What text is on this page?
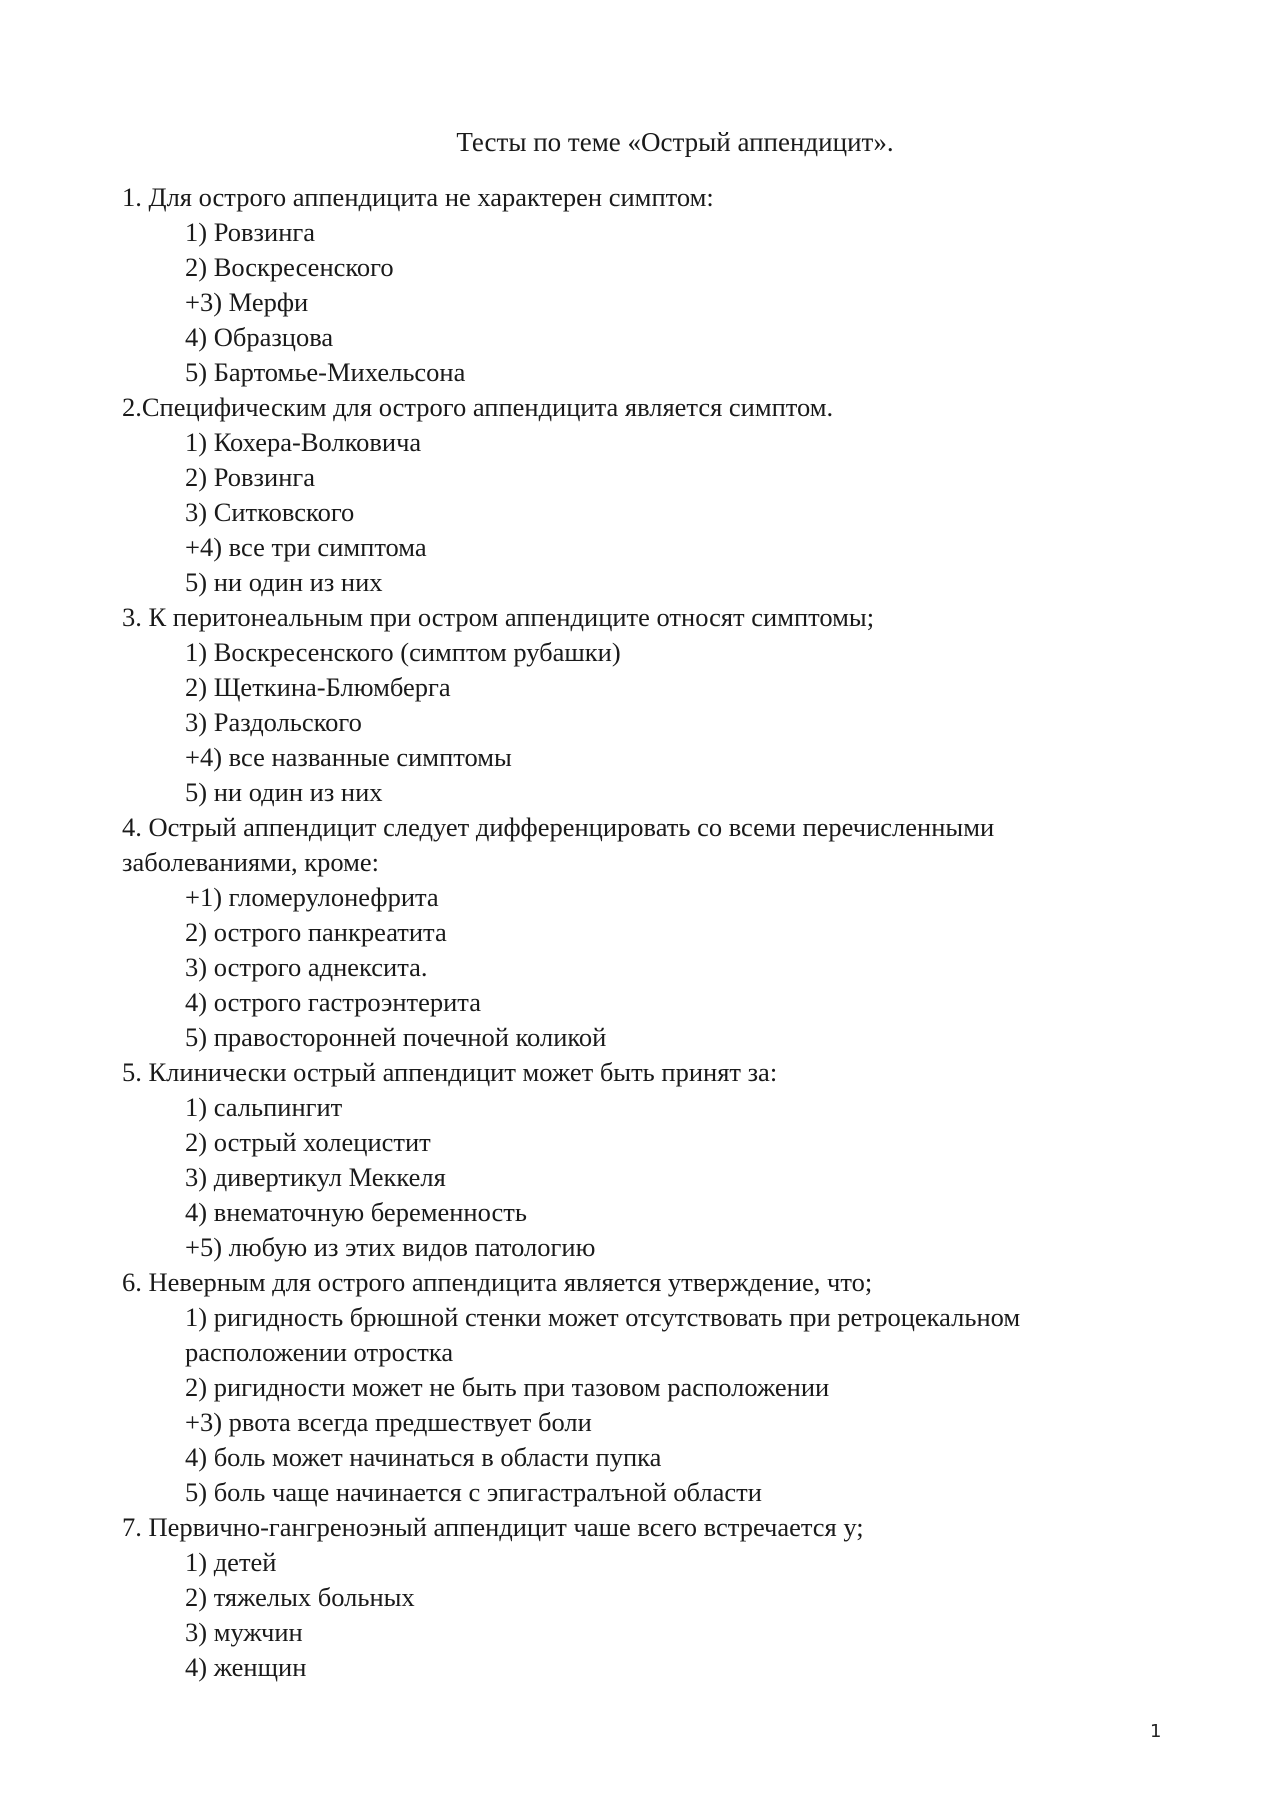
Тесты по теме «Острый аппендицит».

1. Для острого аппендицита не характерен симптом:

1) Ровзинга
2) Воскресенского
+3) Мерфи
4) Образцова
5) Бартомье-Михельсона

2.Специфическим для острого аппендицита является симптом.

1) Кохера-Волковича
2) Ровзинга
3) Ситковского
+4) все три симптома
5) ни один из них

3. К перитонеальным при остром аппендиците относят симптомы;

1) Воскресенского (симптом рубашки)
2) Щеткина-Блюмберга
3) Раздольского
+4) все названные симптомы
5) ни один из них

4. Острый аппендицит следует дифференцировать со всеми перечисленными заболеваниями, кроме:

+1) гломерулонефрита
2) острого панкреатита
3) острого аднексита.
4) острого гастроэнтерита
5) правосторонней почечной коликой

5. Клинически острый аппендицит может быть принят за:

1) сальпингит
2) острый холецистит
3) дивертикул Меккеля
4) внематочную беременность
+5) любую из этих видов патологию

6. Неверным для острого аппендицита является утверждение, что;

1) ригидность брюшной стенки может отсутствовать при ретроцекальном расположении отростка
2) ригидности может не быть при тазовом расположении
+3) рвота всегда предшествует боли
4) боль может начинаться в области пупка
5) боль чаще начинается с эпигастралъной области

7. Первично-гангреноэный аппендицит чаше всего встречается у;

1) детей
2) тяжелых больных
3) мужчин
4) женщин
1
